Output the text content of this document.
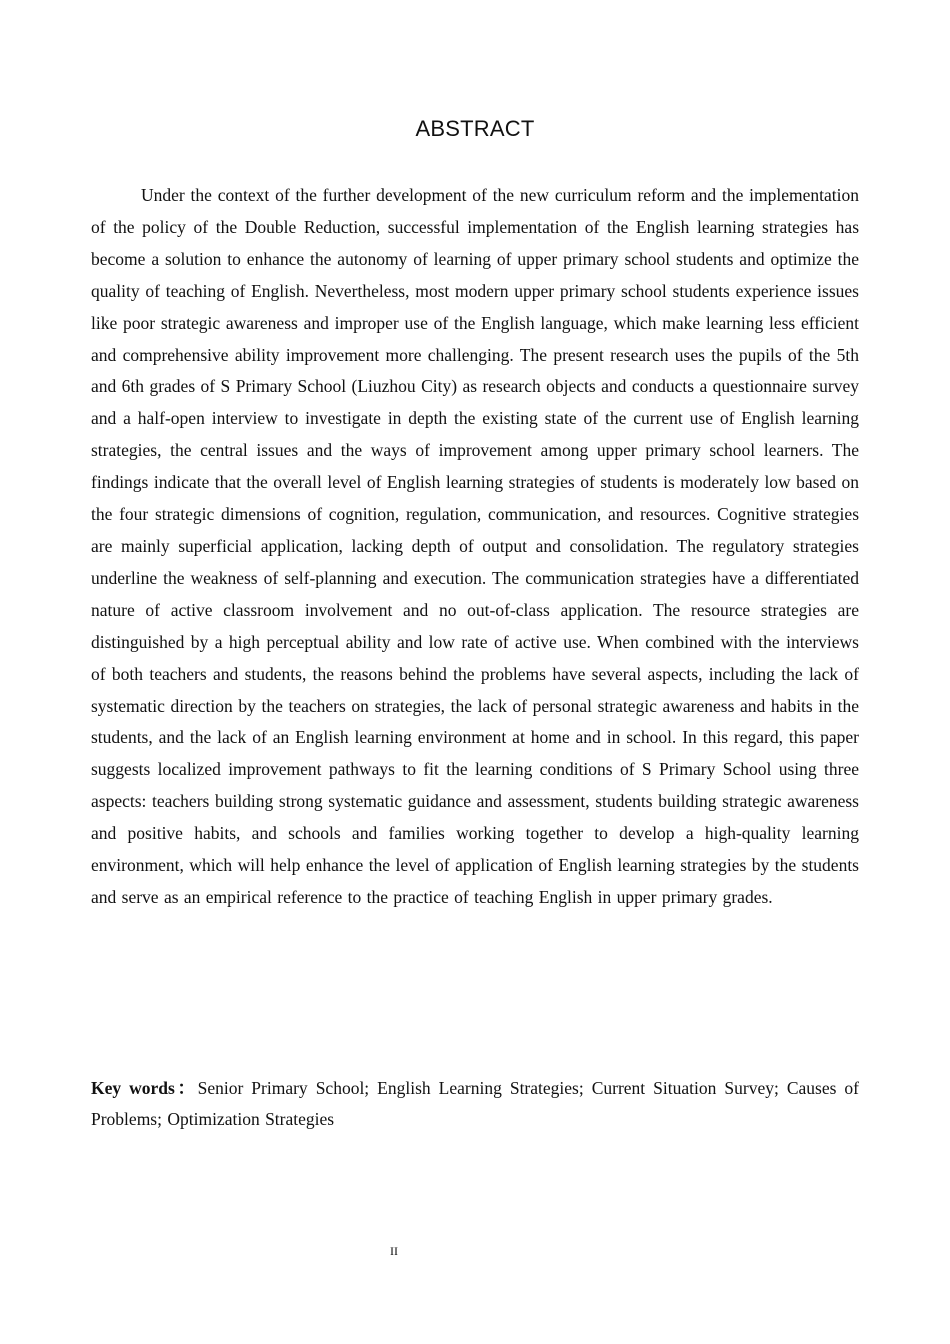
ABSTRACT

Under the context of the further development of the new curriculum reform and the implementation of the policy of the Double Reduction, successful implementation of the English learning strategies has become a solution to enhance the autonomy of learning of upper primary school students and optimize the quality of teaching of English. Nevertheless, most modern upper primary school students experience issues like poor strategic awareness and improper use of the English language, which make learning less efficient and comprehensive ability improvement more challenging. The present research uses the pupils of the 5th and 6th grades of S Primary School (Liuzhou City) as research objects and conducts a questionnaire survey and a half-open interview to investigate in depth the existing state of the current use of English learning strategies, the central issues and the ways of improvement among upper primary school learners. The findings indicate that the overall level of English learning strategies of students is moderately low based on the four strategic dimensions of cognition, regulation, communication, and resources. Cognitive strategies are mainly superficial application, lacking depth of output and consolidation. The regulatory strategies underline the weakness of self-planning and execution. The communication strategies have a differentiated nature of active classroom involvement and no out-of-class application. The resource strategies are distinguished by a high perceptual ability and low rate of active use. When combined with the interviews of both teachers and students, the reasons behind the problems have several aspects, including the lack of systematic direction by the teachers on strategies, the lack of personal strategic awareness and habits in the students, and the lack of an English learning environment at home and in school. In this regard, this paper suggests localized improvement pathways to fit the learning conditions of S Primary School using three aspects: teachers building strong systematic guidance and assessment, students building strategic awareness and positive habits, and schools and families working together to develop a high-quality learning environment, which will help enhance the level of application of English learning strategies by the students and serve as an empirical reference to the practice of teaching English in upper primary grades.

Key words：Senior Primary School; English Learning Strategies; Current Situation Survey; Causes of Problems; Optimization Strategies

II
